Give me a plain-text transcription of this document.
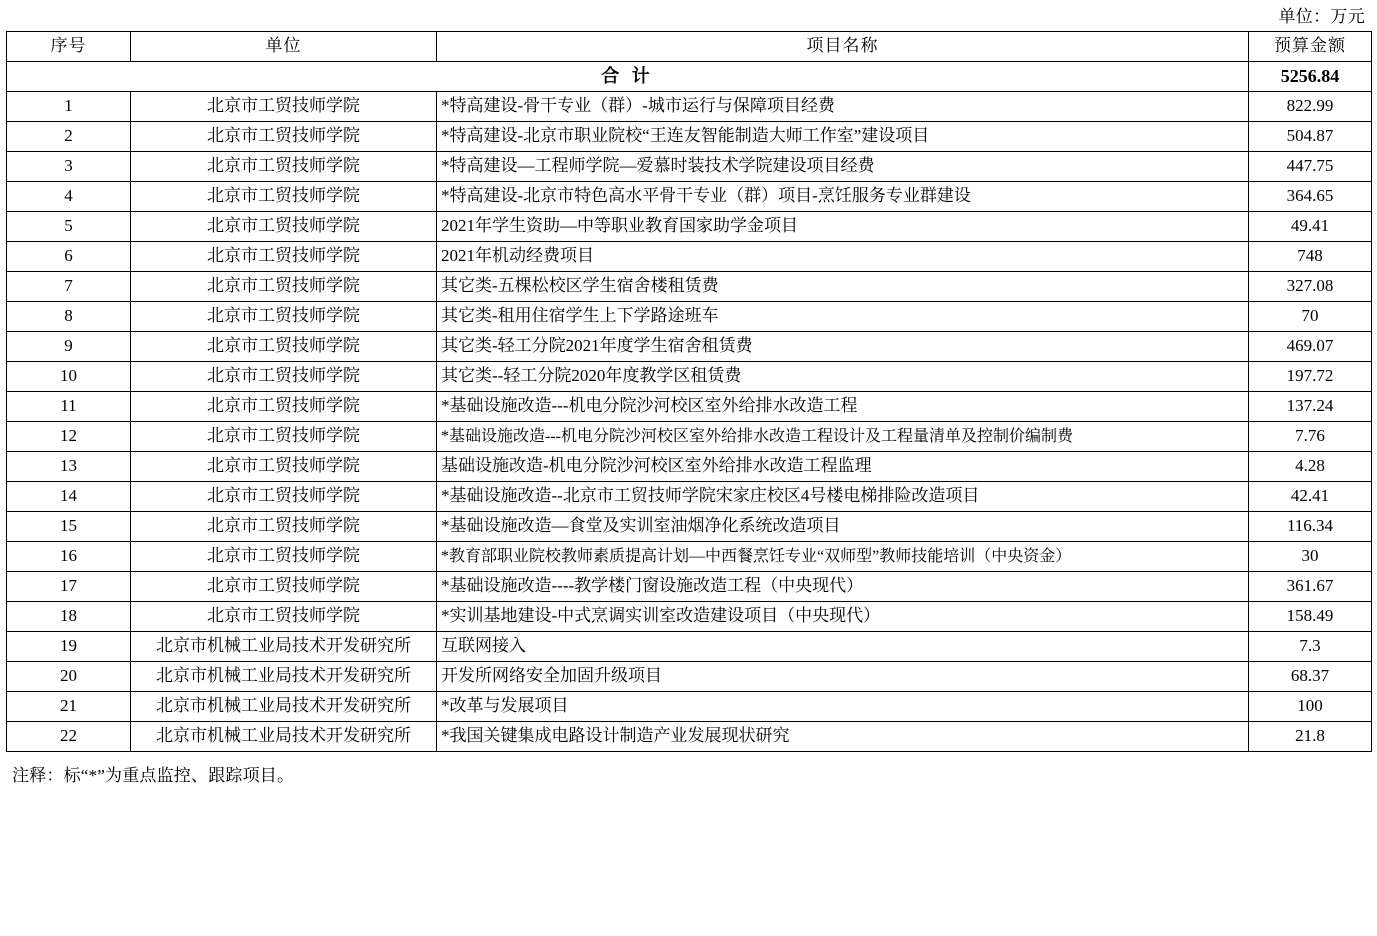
单位：万元
序号	单位	项目名称	预算金额
合 计			5256.84
1	北京市工贸技师学院	*特高建设-骨干专业（群）-城市运行与保障项目经费	822.99
2	北京市工贸技师学院	*特高建设-北京市职业院校“王连友智能制造大师工作室”建设项目	504.87
3	北京市工贸技师学院	*特高建设—工程师学院—爱慕时装技术学院建设项目经费	447.75
4	北京市工贸技师学院	*特高建设-北京市特色高水平骨干专业（群）项目-烹饪服务专业群建设	364.65
5	北京市工贸技师学院	2021年学生资助—中等职业教育国家助学金项目	49.41
6	北京市工贸技师学院	2021年机动经费项目	748
7	北京市工贸技师学院	其它类-五棵松校区学生宿舍楼租赁费	327.08
8	北京市工贸技师学院	其它类-租用住宿学生上下学路途班车	70
9	北京市工贸技师学院	其它类-轻工分院2021年度学生宿舍租赁费	469.07
10	北京市工贸技师学院	其它类--轻工分院2020年度教学区租赁费	197.72
11	北京市工贸技师学院	*基础设施改造---机电分院沙河校区室外给排水改造工程	137.24
12	北京市工贸技师学院	*基础设施改造---机电分院沙河校区室外给排水改造工程设计及工程量清单及控制价编制费	7.76
13	北京市工贸技师学院	基础设施改造-机电分院沙河校区室外给排水改造工程监理	4.28
14	北京市工贸技师学院	*基础设施改造--北京市工贸技师学院宋家庄校区4号楼电梯排险改造项目	42.41
15	北京市工贸技师学院	*基础设施改造—食堂及实训室油烟净化系统改造项目	116.34
16	北京市工贸技师学院	*教育部职业院校教师素质提高计划—中西餐烹饪专业“双师型”教师技能培训（中央资金）	30
17	北京市工贸技师学院	*基础设施改造----教学楼门窗设施改造工程（中央现代）	361.67
18	北京市工贸技师学院	*实训基地建设-中式烹调实训室改造建设项目（中央现代）	158.49
19	北京市机械工业局技术开发研究所	互联网接入	7.3
20	北京市机械工业局技术开发研究所	开发所网络安全加固升级项目	68.37
21	北京市机械工业局技术开发研究所	*改革与发展项目	100
22	北京市机械工业局技术开发研究所	*我国关键集成电路设计制造产业发展现状研究	21.8
注释：标“*”为重点监控、跟踪项目。
